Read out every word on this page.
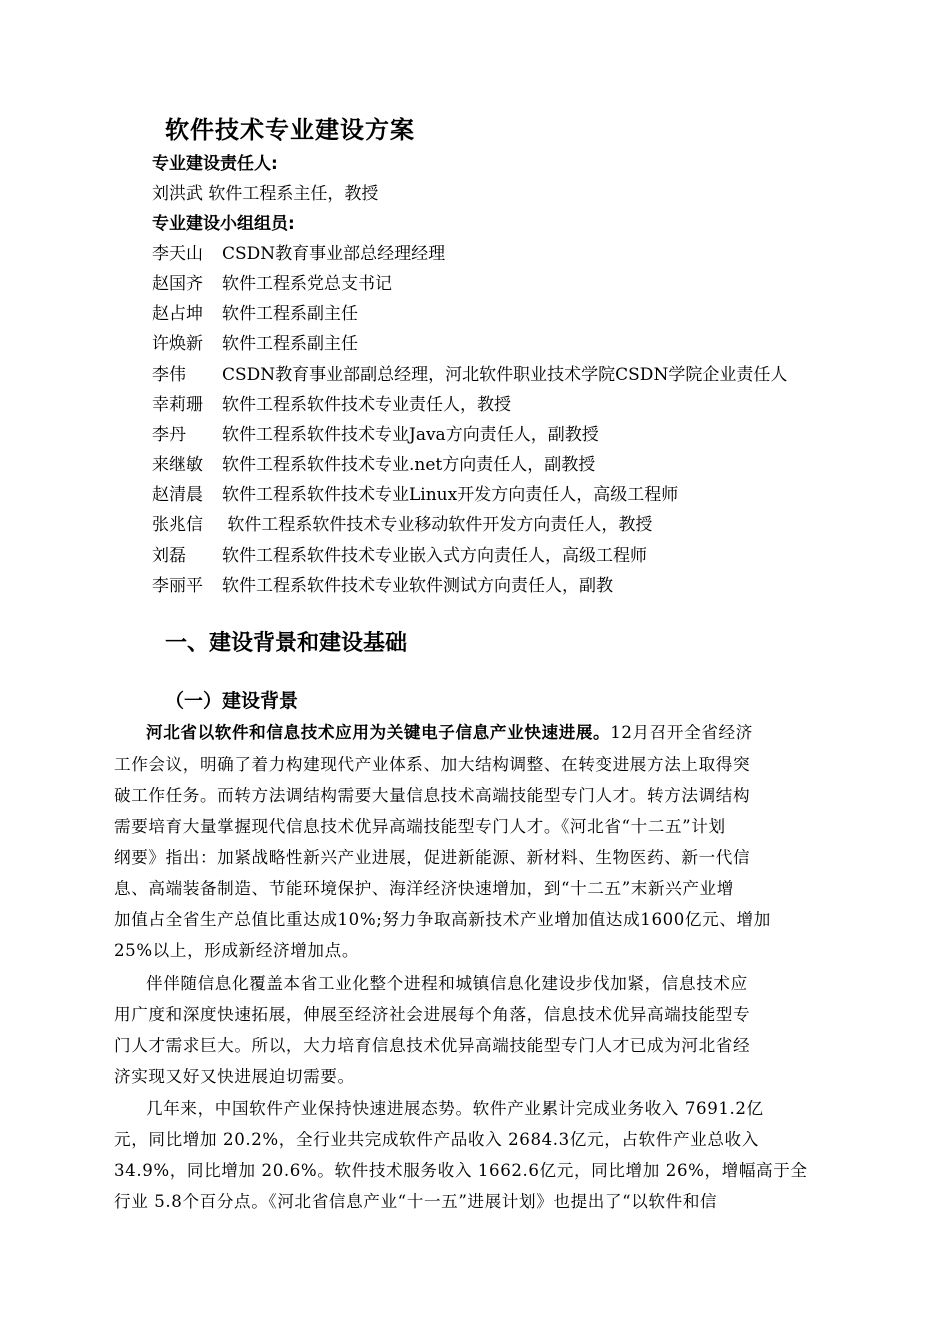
软件技术专业建设方案
专业建设责任人:
刘洪武 软件工程系主任，教授
专业建设小组组员:
李天山 CSDN教育事业部总经理经理
赵国齐 软件工程系党总支书记
赵占坤 软件工程系副主任
许焕新 软件工程系副主任
李伟 CSDN教育事业部副总经理，河北软件职业技术学院CSDN学院企业责任人
幸莉珊 软件工程系软件技术专业责任人，教授
李丹 软件工程系软件技术专业Java方向责任人，副教授
来继敏 软件工程系软件技术专业.net方向责任人，副教授
赵清晨 软件工程系软件技术专业Linux开发方向责任人，高级工程师
张兆信 软件工程系软件技术专业移动软件开发方向责任人，教授
刘磊 软件工程系软件技术专业嵌入式方向责任人，高级工程师
李丽平 软件工程系软件技术专业软件测试方向责任人，副教
一、建设背景和建设基础
（一）建设背景
河北省以软件和信息技术应用为关键电子信息产业快速进展。12月召开全省经济
工作会议，明确了着力构建现代产业体系、加大结构调整、在转变进展方法上取得突
破工作任务。而转方法调结构需要大量信息技术高端技能型专门人才。转方法调结构
需要培育大量掌握现代信息技术优异高端技能型专门人才。《河北省“十二五”计划
纲要》指出：加紧战略性新兴产业进展，促进新能源、新材料、生物医药、新一代信
息、高端装备制造、节能环境保护、海洋经济快速增加，到“十二五”末新兴产业增
加值占全省生产总值比重达成10%;努力争取高新技术产业增加值达成1600亿元、增加
25%以上，形成新经济增加点。
伴伴随信息化覆盖本省工业化整个进程和城镇信息化建设步伐加紧，信息技术应
用广度和深度快速拓展，伸展至经济社会进展每个角落，信息技术优异高端技能型专
门人才需求巨大。所以，大力培育信息技术优异高端技能型专门人才已成为河北省经
济实现又好又快进展迫切需要。
几年来，中国软件产业保持快速进展态势。软件产业累计完成业务收入 7691.2亿
元，同比增加 20.2%，全行业共完成软件产品收入 2684.3亿元，占软件产业总收入
34.9%，同比增加 20.6%。软件技术服务收入 1662.6亿元，同比增加 26%，增幅高于全
行业 5.8个百分点。《河北省信息产业“十一五”进展计划》也提出了“以软件和信
